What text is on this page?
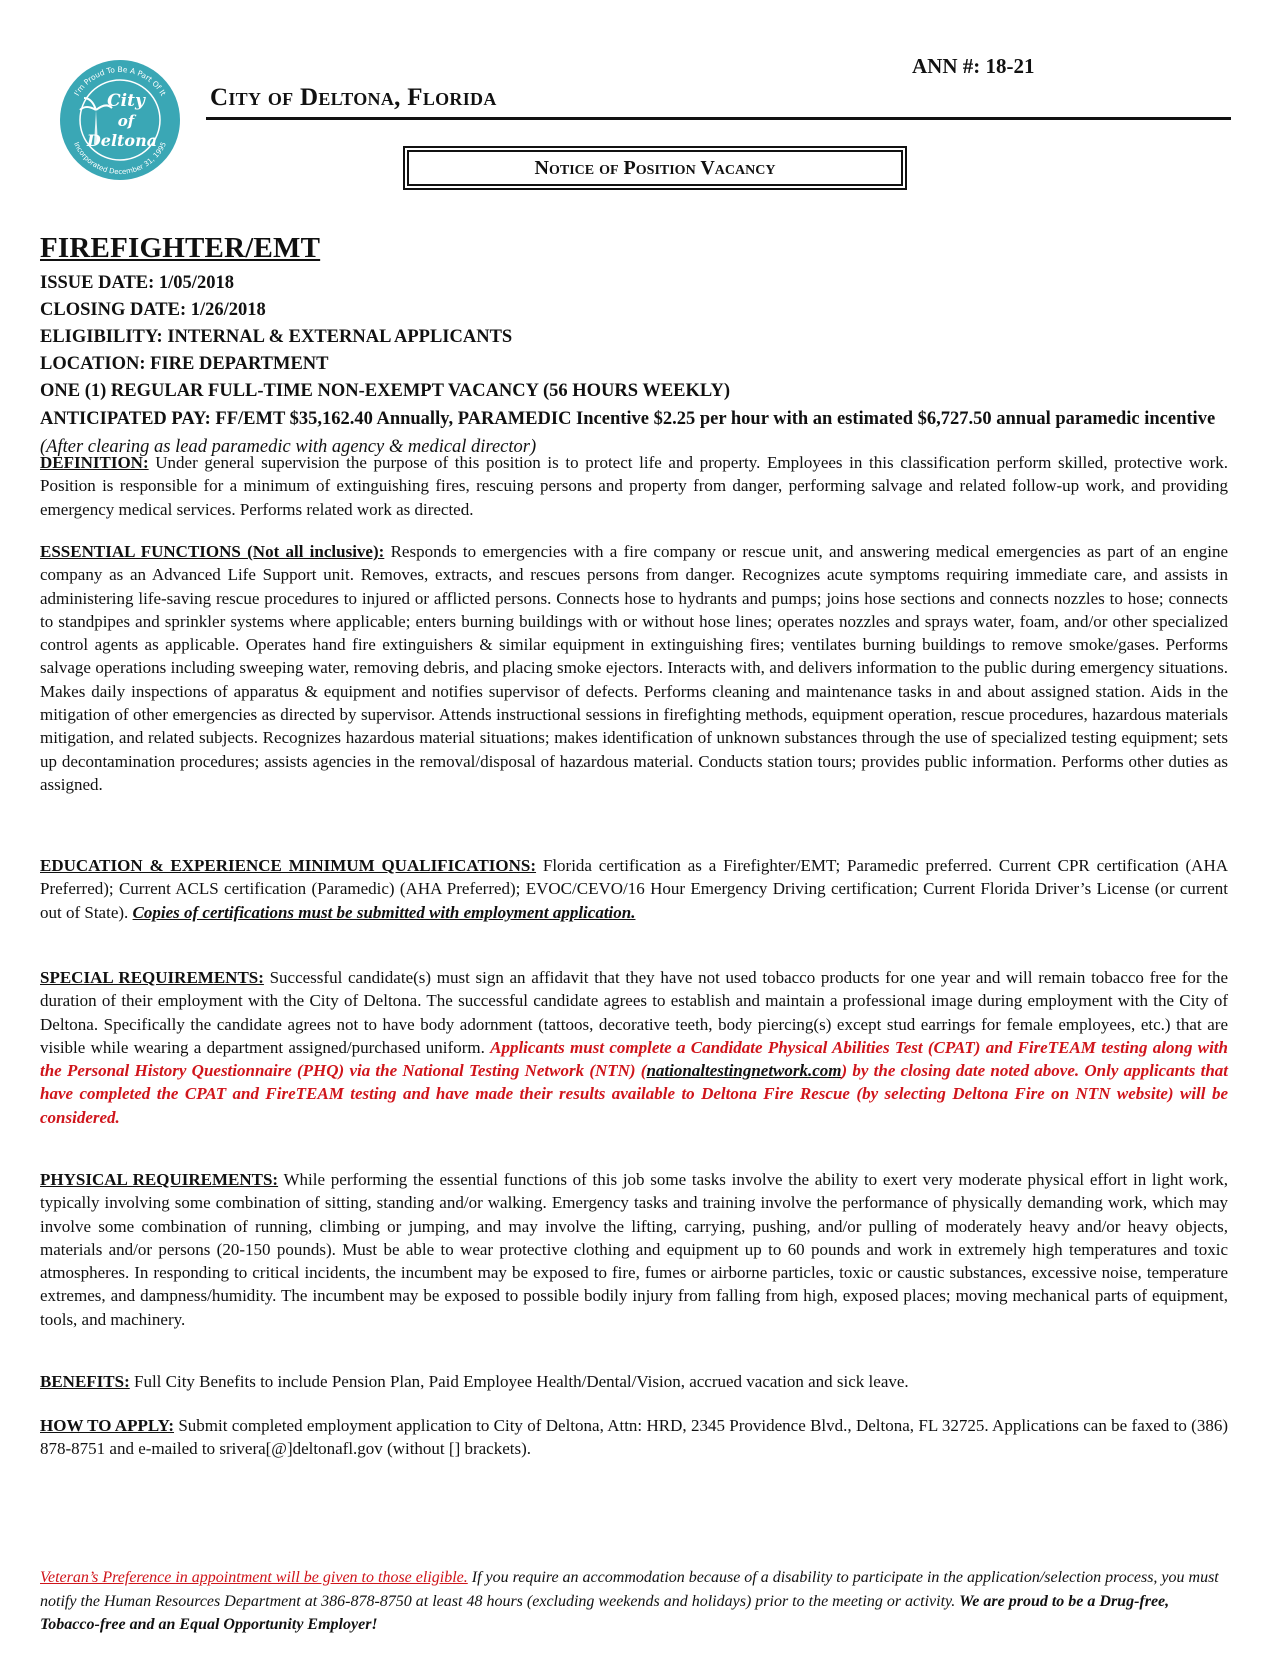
I'm Proud To Be A Part Of It
Incorporated December 31, 1995
City
of
Deltona
ANN #: 18-21
City of Deltona, Florida
Notice of Position Vacancy
FIREFIGHTER/EMT
ISSUE DATE: 1/05/2018
CLOSING DATE: 1/26/2018
ELIGIBILITY: INTERNAL & EXTERNAL APPLICANTS
LOCATION: FIRE DEPARTMENT
ONE (1) REGULAR FULL-TIME NON-EXEMPT VACANCY (56 HOURS WEEKLY)
ANTICIPATED PAY: FF/EMT $35,162.40 Annually, PARAMEDIC Incentive $2.25 per hour with an estimated $6,727.50 annual paramedic incentive (After clearing as lead paramedic with agency & medical director)
DEFINITION: Under general supervision the purpose of this position is to protect life and property. Employees in this classification perform skilled, protective work. Position is responsible for a minimum of extinguishing fires, rescuing persons and property from danger, performing salvage and related follow-up work, and providing emergency medical services. Performs related work as directed.
ESSENTIAL FUNCTIONS (Not all inclusive): Responds to emergencies with a fire company or rescue unit, and answering medical emergencies as part of an engine company as an Advanced Life Support unit. Removes, extracts, and rescues persons from danger. Recognizes acute symptoms requiring immediate care, and assists in administering life-saving rescue procedures to injured or afflicted persons. Connects hose to hydrants and pumps; joins hose sections and connects nozzles to hose; connects to standpipes and sprinkler systems where applicable; enters burning buildings with or without hose lines; operates nozzles and sprays water, foam, and/or other specialized control agents as applicable. Operates hand fire extinguishers & similar equipment in extinguishing fires; ventilates burning buildings to remove smoke/gases. Performs salvage operations including sweeping water, removing debris, and placing smoke ejectors. Interacts with, and delivers information to the public during emergency situations. Makes daily inspections of apparatus & equipment and notifies supervisor of defects. Performs cleaning and maintenance tasks in and about assigned station. Aids in the mitigation of other emergencies as directed by supervisor. Attends instructional sessions in firefighting methods, equipment operation, rescue procedures, hazardous materials mitigation, and related subjects. Recognizes hazardous material situations; makes identification of unknown substances through the use of specialized testing equipment; sets up decontamination procedures; assists agencies in the removal/disposal of hazardous material. Conducts station tours; provides public information. Performs other duties as assigned.
EDUCATION & EXPERIENCE MINIMUM QUALIFICATIONS: Florida certification as a Firefighter/EMT; Paramedic preferred. Current CPR certification (AHA Preferred); Current ACLS certification (Paramedic) (AHA Preferred); EVOC/CEVO/16 Hour Emergency Driving certification; Current Florida Driver’s License (or current out of State). Copies of certifications must be submitted with employment application.
SPECIAL REQUIREMENTS: Successful candidate(s) must sign an affidavit that they have not used tobacco products for one year and will remain tobacco free for the duration of their employment with the City of Deltona. The successful candidate agrees to establish and maintain a professional image during employment with the City of Deltona. Specifically the candidate agrees not to have body adornment (tattoos, decorative teeth, body piercing(s) except stud earrings for female employees, etc.) that are visible while wearing a department assigned/purchased uniform. Applicants must complete a Candidate Physical Abilities Test (CPAT) and FireTEAM testing along with the Personal History Questionnaire (PHQ) via the National Testing Network (NTN) (nationaltestingnetwork.com) by the closing date noted above. Only applicants that have completed the CPAT and FireTEAM testing and have made their results available to Deltona Fire Rescue (by selecting Deltona Fire on NTN website) will be considered.
PHYSICAL REQUIREMENTS: While performing the essential functions of this job some tasks involve the ability to exert very moderate physical effort in light work, typically involving some combination of sitting, standing and/or walking. Emergency tasks and training involve the performance of physically demanding work, which may involve some combination of running, climbing or jumping, and may involve the lifting, carrying, pushing, and/or pulling of moderately heavy and/or heavy objects, materials and/or persons (20-150 pounds). Must be able to wear protective clothing and equipment up to 60 pounds and work in extremely high temperatures and toxic atmospheres. In responding to critical incidents, the incumbent may be exposed to fire, fumes or airborne particles, toxic or caustic substances, excessive noise, temperature extremes, and dampness/humidity. The incumbent may be exposed to possible bodily injury from falling from high, exposed places; moving mechanical parts of equipment, tools, and machinery.
BENEFITS: Full City Benefits to include Pension Plan, Paid Employee Health/Dental/Vision, accrued vacation and sick leave.
HOW TO APPLY: Submit completed employment application to City of Deltona, Attn: HRD, 2345 Providence Blvd., Deltona, FL 32725. Applications can be faxed to (386) 878-8751 and e-mailed to srivera[@]deltonafl.gov (without [] brackets).
Veteran’s Preference in appointment will be given to those eligible. If you require an accommodation because of a disability to participate in the application/selection process, you must notify the Human Resources Department at 386-878-8750 at least 48 hours (excluding weekends and holidays) prior to the meeting or activity. We are proud to be a Drug-free, Tobacco-free and an Equal Opportunity Employer!
